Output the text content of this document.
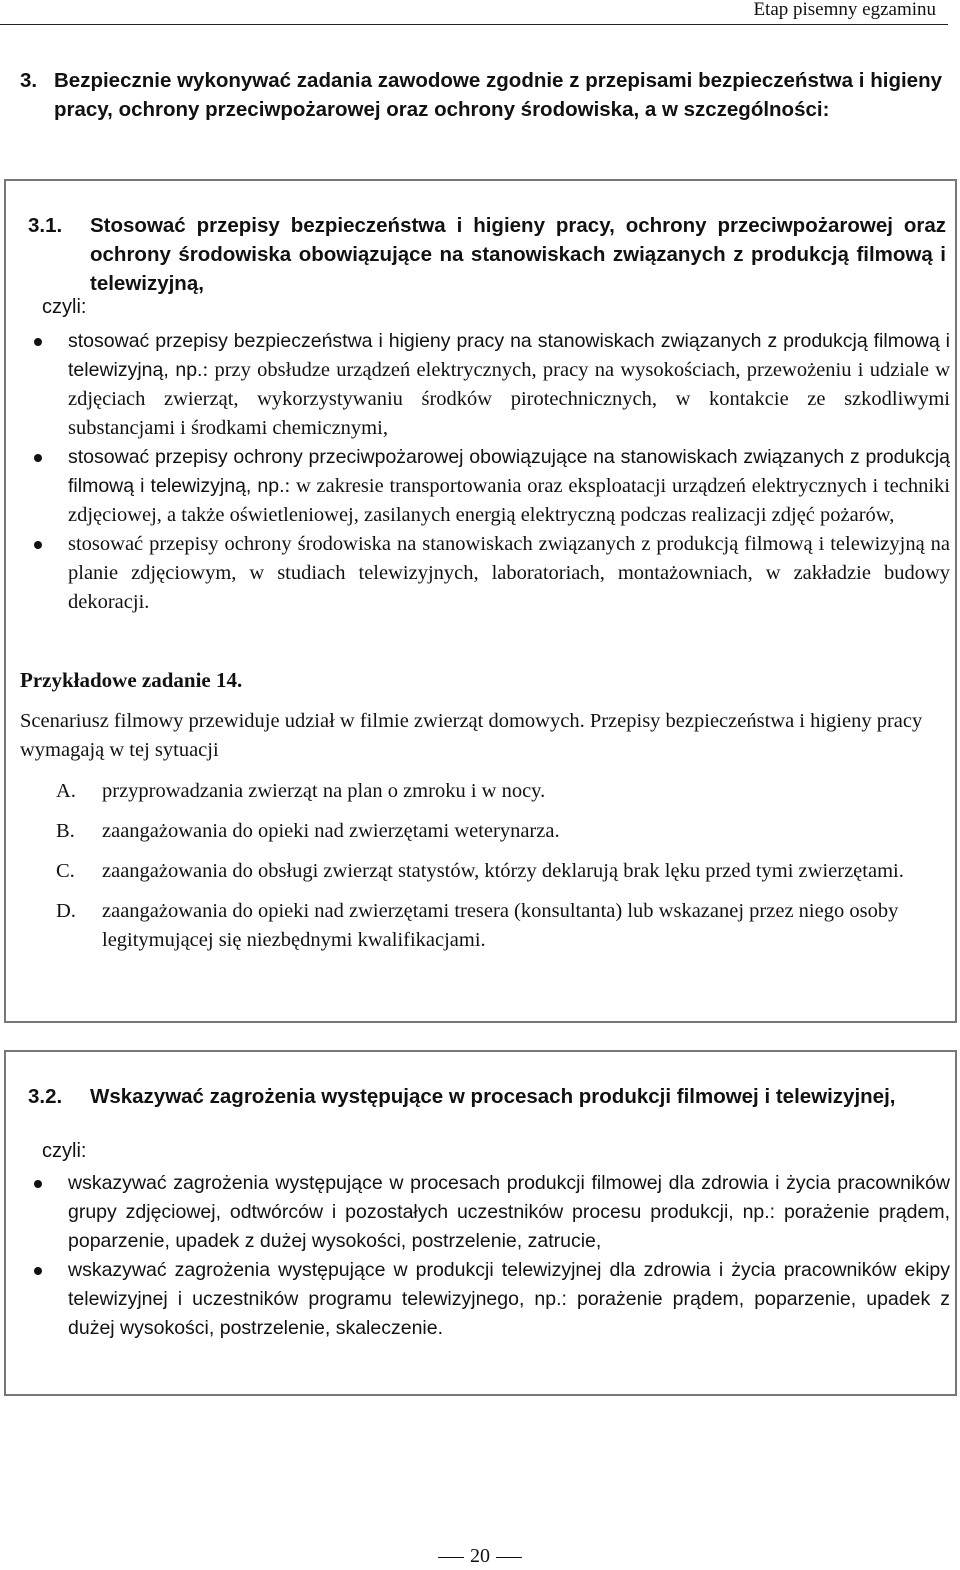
Etap pisemny egzaminu
3. Bezpiecznie wykonywać zadania zawodowe zgodnie z przepisami bezpieczeństwa i higieny pracy, ochrony przeciwpożarowej oraz ochrony środowiska, a w szczególności:
3.1. Stosować przepisy bezpieczeństwa i higieny pracy, ochrony przeciwpożarowej oraz ochrony środowiska obowiązujące na stanowiskach związanych z produkcją filmową i telewizyjną,
czyli:
stosować przepisy bezpieczeństwa i higieny pracy na stanowiskach związanych z produkcją filmową i telewizyjną, np.: przy obsłudze urządzeń elektrycznych, pracy na wysokościach, przewożeniu i udziale w zdjęciach zwierząt, wykorzystywaniu środków pirotechnicznych, w kontakcie ze szkodliwymi substancjami i środkami chemicznymi,
stosować przepisy ochrony przeciwpożarowej obowiązujące na stanowiskach związanych z produkcją filmową i telewizyjną, np.: w zakresie transportowania oraz eksploatacji urządzeń elektrycznych i techniki zdjęciowej, a także oświetleniowej, zasilanych energią elektryczną podczas realizacji zdjęć pożarów,
stosować przepisy ochrony środowiska na stanowiskach związanych z produkcją filmową i telewizyjną na planie zdjęciowym, w studiach telewizyjnych, laboratoriach, montażowniach, w zakładzie budowy dekoracji.
Przykładowe zadanie 14.
Scenariusz filmowy przewiduje udział w filmie zwierząt domowych. Przepisy bezpieczeństwa i higieny pracy wymagają w tej sytuacji
A. przyprowadzania zwierząt na plan o zmroku i w nocy.
B. zaangażowania do opieki nad zwierzętami weterynarza.
C. zaangażowania do obsługi zwierząt statystów, którzy deklarują brak lęku przed tymi zwierzętami.
D. zaangażowania do opieki nad zwierzętami tresera (konsultanta) lub wskazanej przez niego osoby legitymującej się niezbędnymi kwalifikacjami.
3.2. Wskazywać zagrożenia występujące w procesach produkcji filmowej i telewizyjnej,
czyli:
wskazywać zagrożenia występujące w procesach produkcji filmowej dla zdrowia i życia pracowników grupy zdjęciowej, odtwórców i pozostałych uczestników procesu produkcji, np.: porażenie prądem, poparzenie, upadek z dużej wysokości, postrzelenie, zatrucie,
wskazywać zagrożenia występujące w produkcji telewizyjnej dla zdrowia i życia pracowników ekipy telewizyjnej i uczestników programu telewizyjnego, np.: porażenie prądem, poparzenie, upadek z dużej wysokości, postrzelenie, skaleczenie.
20
